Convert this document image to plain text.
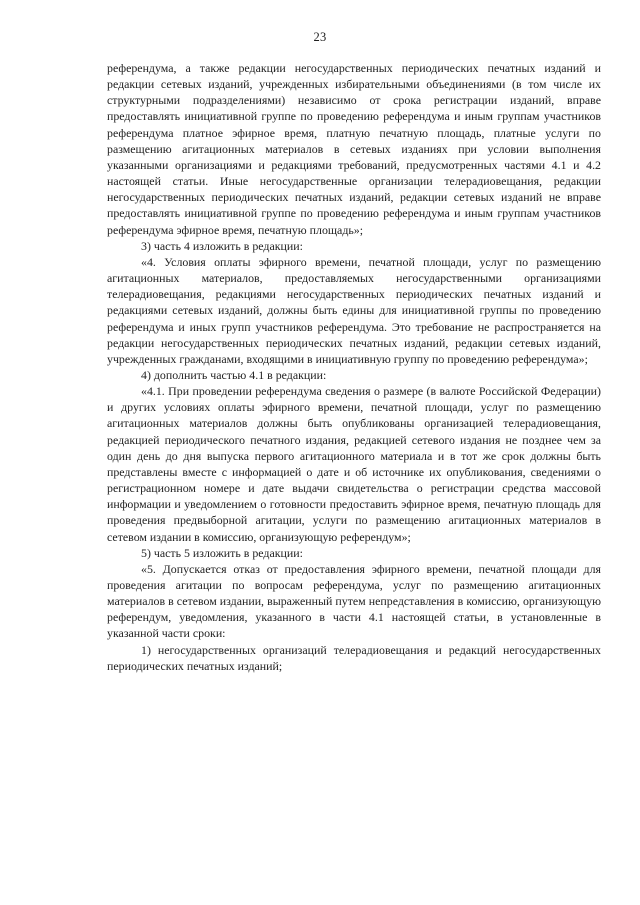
23

референдума, а также редакции негосударственных периодических печатных изданий и редакции сетевых изданий, учрежденных избирательными объединениями (в том числе их структурными подразделениями) независимо от срока регистрации изданий, вправе предоставлять инициативной группе по проведению референдума и иным группам участников референдума платное эфирное время, платную печатную площадь, платные услуги по размещению агитационных материалов в сетевых изданиях при условии выполнения указанными организациями и редакциями требований, предусмотренных частями 4.1 и 4.2 настоящей статьи. Иные негосударственные организации телерадиовещания, редакции негосударственных периодических печатных изданий, редакции сетевых изданий не вправе предоставлять инициативной группе по проведению референдума и иным группам участников референдума эфирное время, печатную площадь»;

3) часть 4 изложить в редакции:

«4. Условия оплаты эфирного времени, печатной площади, услуг по размещению агитационных материалов, предоставляемых негосударственными организациями телерадиовещания, редакциями негосударственных периодических печатных изданий и редакциями сетевых изданий, должны быть едины для инициативной группы по проведению референдума и иных групп участников референдума. Это требование не распространяется на редакции негосударственных периодических печатных изданий, редакции сетевых изданий, учрежденных гражданами, входящими в инициативную группу по проведению референдума»;

4) дополнить частью 4.1 в редакции:

«4.1. При проведении референдума сведения о размере (в валюте Российской Федерации) и других условиях оплаты эфирного времени, печатной площади, услуг по размещению агитационных материалов должны быть опубликованы организацией телерадиовещания, редакцией периодического печатного издания, редакцией сетевого издания не позднее чем за один день до дня выпуска первого агитационного материала и в тот же срок должны быть представлены вместе с информацией о дате и об источнике их опубликования, сведениями о регистрационном номере и дате выдачи свидетельства о регистрации средства массовой информации и уведомлением о готовности предоставить эфирное время, печатную площадь для проведения предвыборной агитации, услуги по размещению агитационных материалов в сетевом издании в комиссию, организующую референдум»;

5) часть 5 изложить в редакции:

«5. Допускается отказ от предоставления эфирного времени, печатной площади для проведения агитации по вопросам референдума, услуг по размещению агитационных материалов в сетевом издании, выраженный путем непредставления в комиссию, организующую референдум, уведомления, указанного в части 4.1 настоящей статьи, в установленные в указанной части сроки:

1) негосударственных организаций телерадиовещания и редакций негосударственных периодических печатных изданий;
